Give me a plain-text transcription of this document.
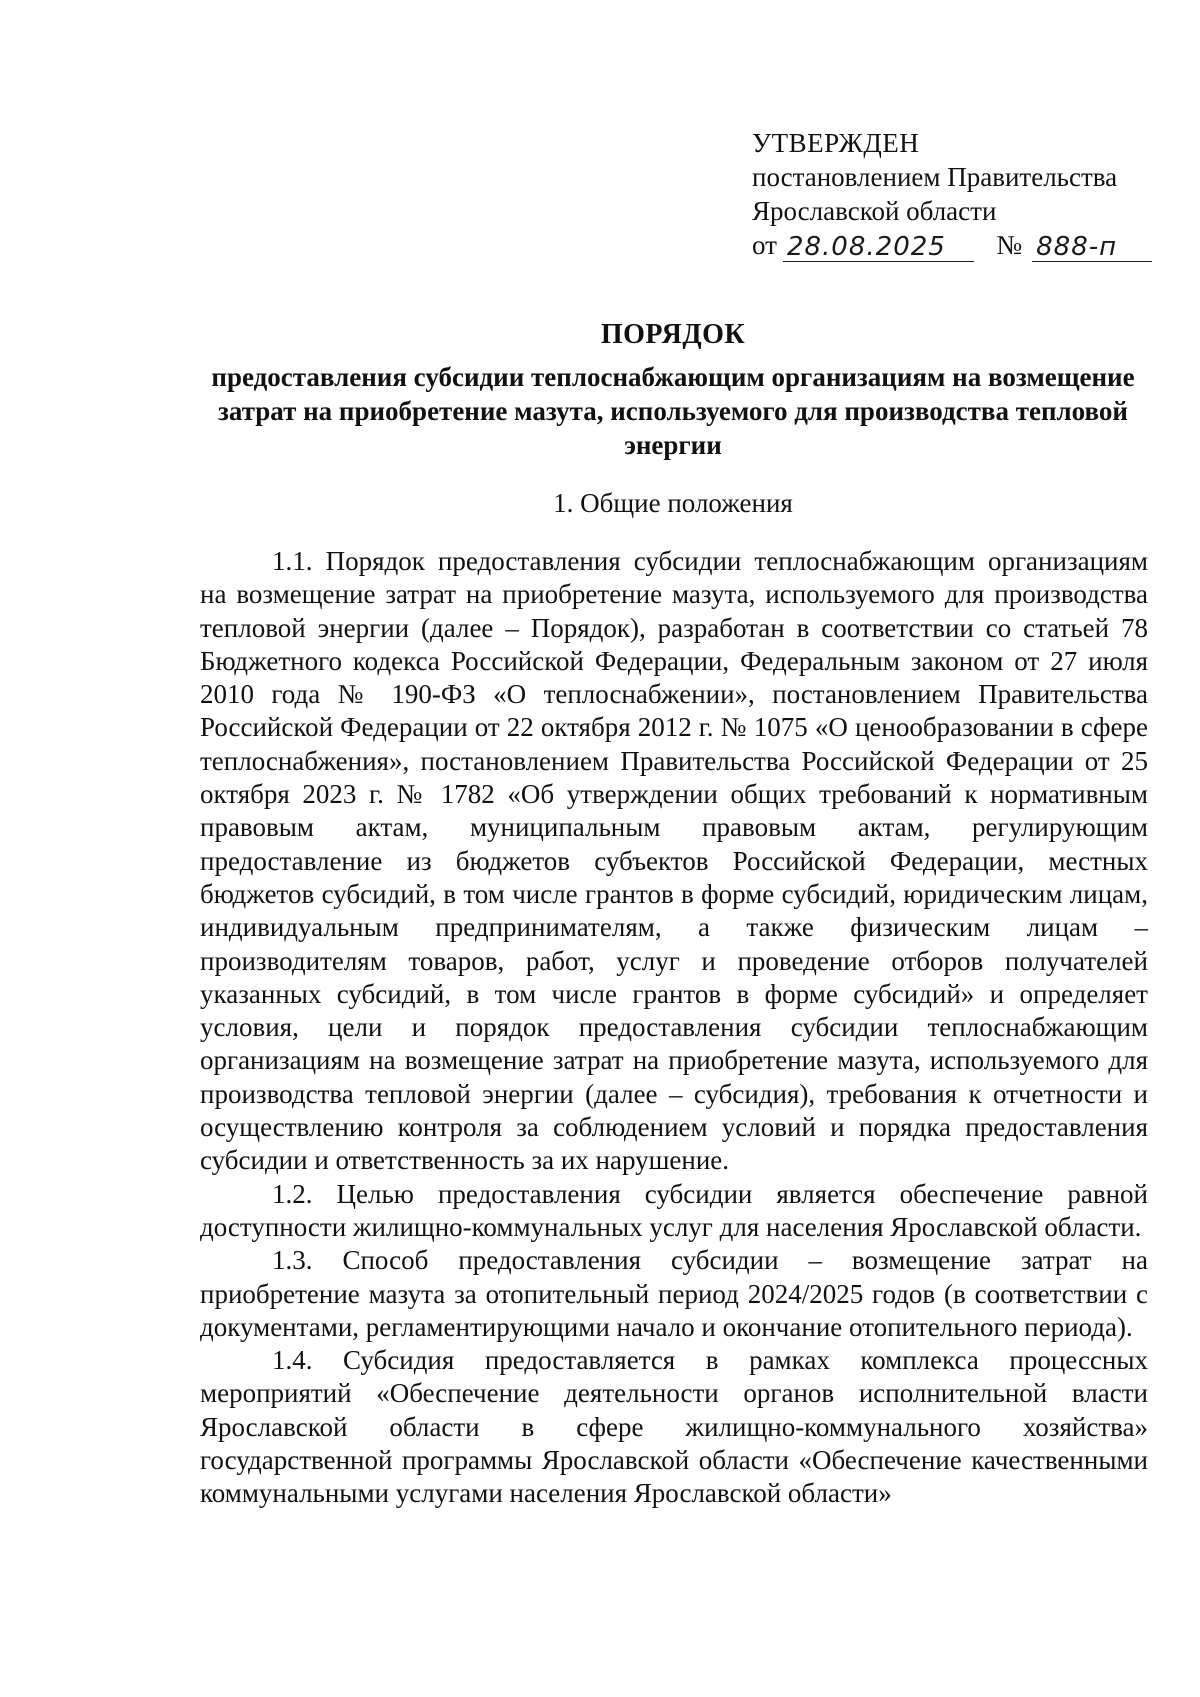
УТВЕРЖДЕН
постановлением Правительства
Ярославской области
от 28.08.2025	№ 888-п
ПОРЯДОК
предоставления субсидии теплоснабжающим организациям на возмещение затрат на приобретение мазута, используемого для производства тепловой энергии
1. Общие положения

1.1. Порядок предоставления субсидии теплоснабжающим организациям на возмещение затрат на приобретение мазута, используемого для производства тепловой энергии (далее – Порядок), разработан в соответствии со статьей 78 Бюджетного кодекса Российской Федерации, Федеральным законом от 27 июля 2010 года № 190-ФЗ «О теплоснабжении», постановлением Правительства Российской Федерации от 22 октября 2012 г. № 1075 «О ценообразовании в сфере теплоснабжения», постановлением Правительства Российской Федерации от 25 октября 2023 г. № 1782 «Об утверждении общих требований к нормативным правовым актам, муниципальным правовым актам, регулирующим предоставление из бюджетов субъектов Российской Федерации, местных бюджетов субсидий, в том числе грантов в форме субсидий, юридическим лицам, индивидуальным предпринимателям, а также физическим лицам – производителям товаров, работ, услуг и проведение отборов получателей указанных субсидий, в том числе грантов в форме субсидий» и определяет условия, цели и порядок предоставления субсидии теплоснабжающим организациям на возмещение затрат на приобретение мазута, используемого для производства тепловой энергии (далее – субсидия), требования к отчетности и осуществлению контроля за соблюдением условий и порядка предоставления субсидии и ответственность за их нарушение.

1.2. Целью предоставления субсидии является обеспечение равной доступности жилищно-коммунальных услуг для населения Ярославской области.

1.3. Способ предоставления субсидии – возмещение затрат на приобретение мазута за отопительный период 2024/2025 годов (в соответствии с документами, регламентирующими начало и окончание отопительного периода).

1.4. Субсидия предоставляется в рамках комплекса процессных мероприятий «Обеспечение деятельности органов исполнительной власти Ярославской области в сфере жилищно-коммунального хозяйства» государственной программы Ярославской области «Обеспечение качественными коммунальными услугами населения Ярославской области»
